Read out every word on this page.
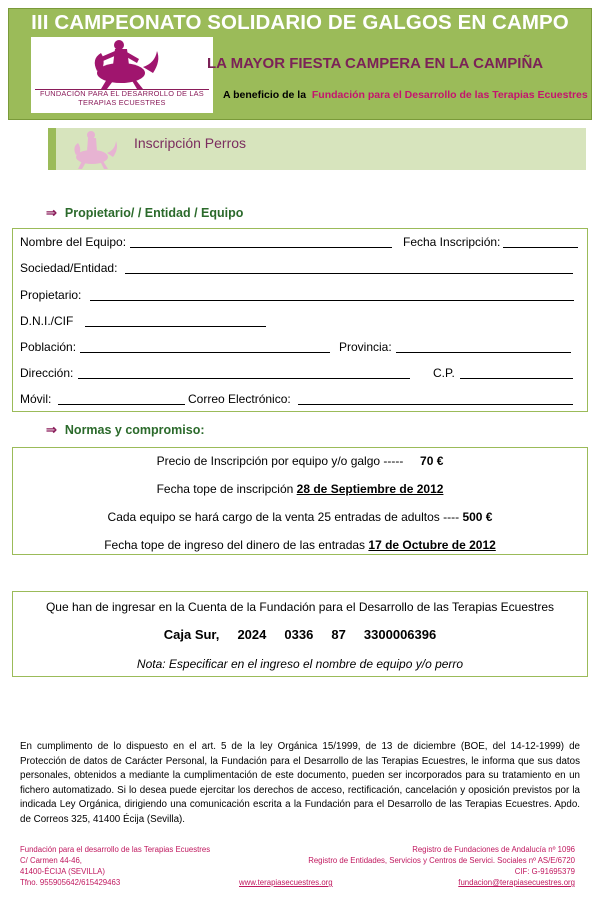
III CAMPEONATO SOLIDARIO DE GALGOS EN CAMPO
FUNDACIÓN PARA EL DESARROLLO DE LAS
TERAPIAS ECUESTRES
LA MAYOR FIESTA CAMPERA EN LA CAMPIÑA
A beneficio de la Fundación para el Desarrollo de las Terapias Ecuestres
Inscripción Perros
⇒ Propietario/ / Entidad / Equipo
Nombre del Equipo:	Fecha Inscripción:
Sociedad/Entidad:
Propietario:
D.N.I./CIF
Población:	Provincia:
Dirección:	C.P.
Móvil:	Correo Electrónico:
⇒ Normas y compromiso:
Precio de Inscripción por equipo y/o galgo ----- 70 €
Fecha tope de inscripción 28 de Septiembre de 2012
Cada equipo se hará cargo de la venta 25 entradas de adultos ---- 500 €
Fecha tope de ingreso del dinero de las entradas 17 de Octubre de 2012
Que han de ingresar en la Cuenta de la Fundación para el Desarrollo de las Terapias Ecuestres
Caja Sur,     2024     0336     87     3300006396
Nota: Especificar en el ingreso el nombre de equipo y/o perro
En cumplimento de lo dispuesto en el art. 5 de la ley Orgánica 15/1999, de 13 de diciembre (BOE, del 14-12-1999) de Protección de datos de Carácter Personal, la Fundación para el Desarrollo de las Terapias Ecuestres, le informa que sus datos personales, obtenidos a mediante la cumplimentación de este documento, pueden ser incorporados para su tratamiento en un fichero automatizado. Si lo desea puede ejercitar los derechos de acceso, rectificación, cancelación y oposición previstos por la indicada Ley Orgánica, dirigiendo una comunicación escrita a la Fundación para el Desarrollo de las Terapias Ecuestres. Apdo. de Correos 325, 41400 Écija (Sevilla).
Fundación para el desarrollo de las Terapias Ecuestres
C/ Carmen 44-46,
41400-ÉCIJA (SEVILLA)
Tfno. 955905642/615429463	www.terapiasecuestres.org
Registro de Fundaciones de Andalucía nº 1096
Registro de Entidades, Servicios y Centros de Servici. Sociales nº AS/E/6720
CIF: G-91695379
fundacion@terapiasecuestres.org
